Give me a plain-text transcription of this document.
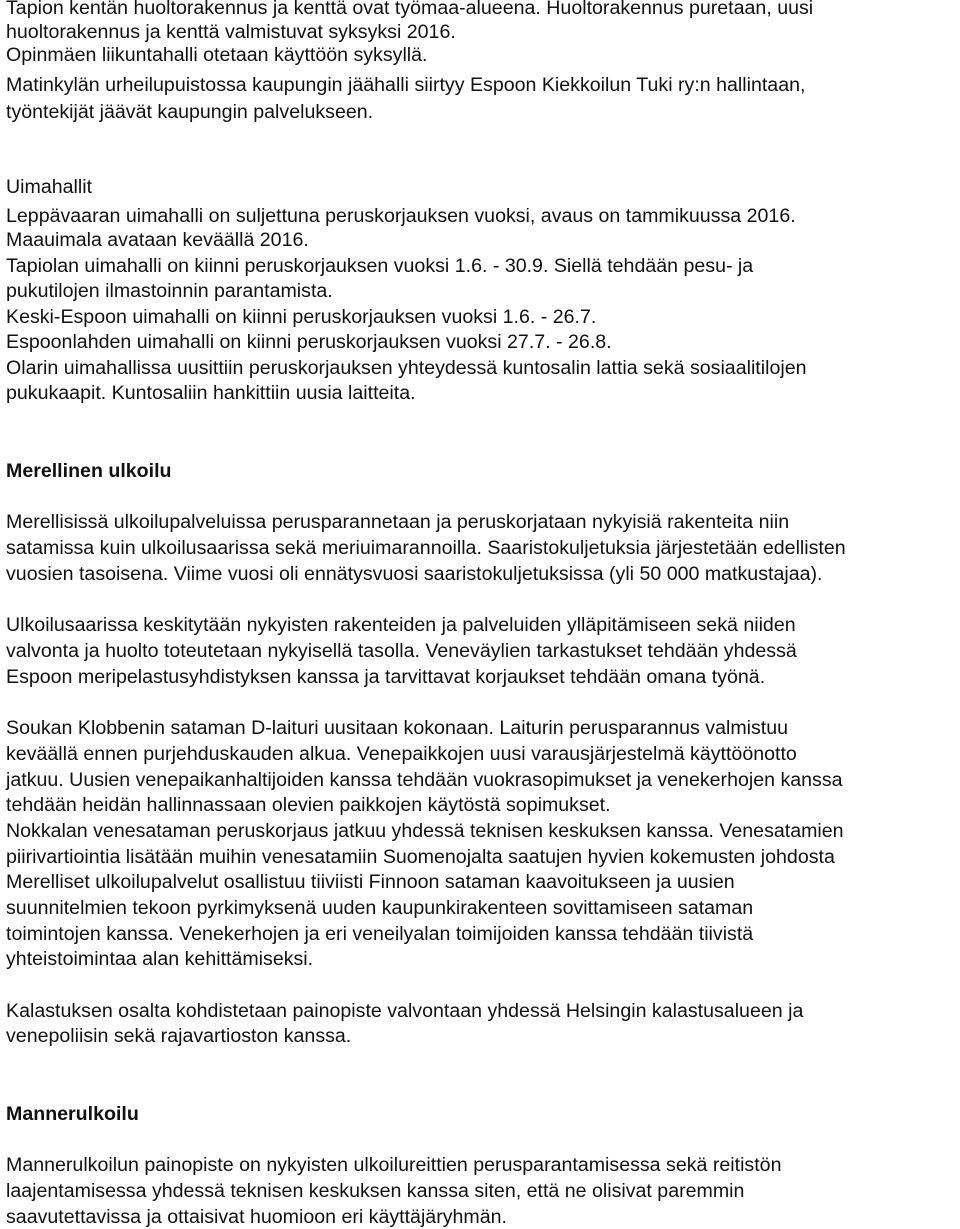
Tapion kentän huoltorakennus ja kenttä ovat työmaa-alueena. Huoltorakennus puretaan, uusi
huoltorakennus ja kenttä valmistuvat syksyksi 2016.
Opinmäen liikuntahalli otetaan käyttöön syksyllä.
Matinkylän urheilupuistossa kaupungin jäähalli siirtyy Espoon Kiekkoilun Tuki ry:n hallintaan,
työntekijät jäävät kaupungin palvelukseen.
Uimahallit
Leppävaaran uimahalli on suljettuna peruskorjauksen vuoksi, avaus on tammikuussa 2016.
Maauimala avataan keväällä 2016.
Tapiolan uimahalli on kiinni peruskorjauksen vuoksi 1.6. - 30.9. Siellä tehdään pesu- ja
pukutilojen ilmastoinnin parantamista.
Keski-Espoon uimahalli on kiinni peruskorjauksen vuoksi 1.6. - 26.7.
Espoonlahden uimahalli on kiinni peruskorjauksen vuoksi 27.7. - 26.8.
Olarin uimahallissa uusittiin peruskorjauksen yhteydessä kuntosalin lattia sekä sosiaalitilojen
pukukaapit. Kuntosaliin hankittiin uusia laitteita.
Merellinen ulkoilu
Merellisissä ulkoilupalveluissa perusparannetaan ja peruskorjataan nykyisiä rakenteita niin
satamissa kuin ulkoilusaarissa sekä meriuimarannoilla. Saaristokuljetuksia järjestetään edellisten
vuosien tasoisena. Viime vuosi oli ennätysvuosi saaristokuljetuksissa (yli 50 000 matkustajaa).
Ulkoilusaarissa keskitytään nykyisten rakenteiden ja palveluiden ylläpitämiseen sekä niiden
valvonta ja huolto toteutetaan nykyisellä tasolla. Veneväylien tarkastukset tehdään yhdessä
Espoon meripelastusyhdistyksen kanssa ja tarvittavat korjaukset tehdään omana työnä.
Soukan Klobbenin sataman D-laituri uusitaan kokonaan. Laiturin perusparannus valmistuu
keväällä ennen purjehduskauden alkua. Venepaikkojen uusi varausjärjestelmä käyttöönotto
jatkuu. Uusien venepaikanhaltijoiden kanssa tehdään vuokrasopimukset ja venekerhojen kanssa
tehdään heidän hallinnassaan olevien paikkojen käytöstä sopimukset.
Nokkalan venesataman peruskorjaus jatkuu yhdessä teknisen keskuksen kanssa. Venesatamien
piirivartiointia lisätään muihin venesatamiin Suomenojalta saatujen hyvien kokemusten johdosta
Merelliset ulkoilupalvelut osallistuu tiiviisti Finnoon sataman kaavoitukseen ja uusien
suunnitelmien tekoon pyrkimyksenä uuden kaupunkirakenteen sovittamiseen sataman
toimintojen kanssa. Venekerhojen ja eri veneilyalan toimijoiden kanssa tehdään tiivistä
yhteistoimintaa alan kehittämiseksi.
Kalastuksen osalta kohdistetaan painopiste valvontaan yhdessä Helsingin kalastusalueen ja
venepoliisin sekä rajavartioston kanssa.
Mannerulkoilu
Mannerulkoilun painopiste on nykyisten ulkoilureittien perusparantamisessa sekä reitistön
laajentamisessa yhdessä teknisen keskuksen kanssa siten, että ne olisivat paremmin
saavutettavissa ja ottaisivat huomioon eri käyttäjäryhmän.
